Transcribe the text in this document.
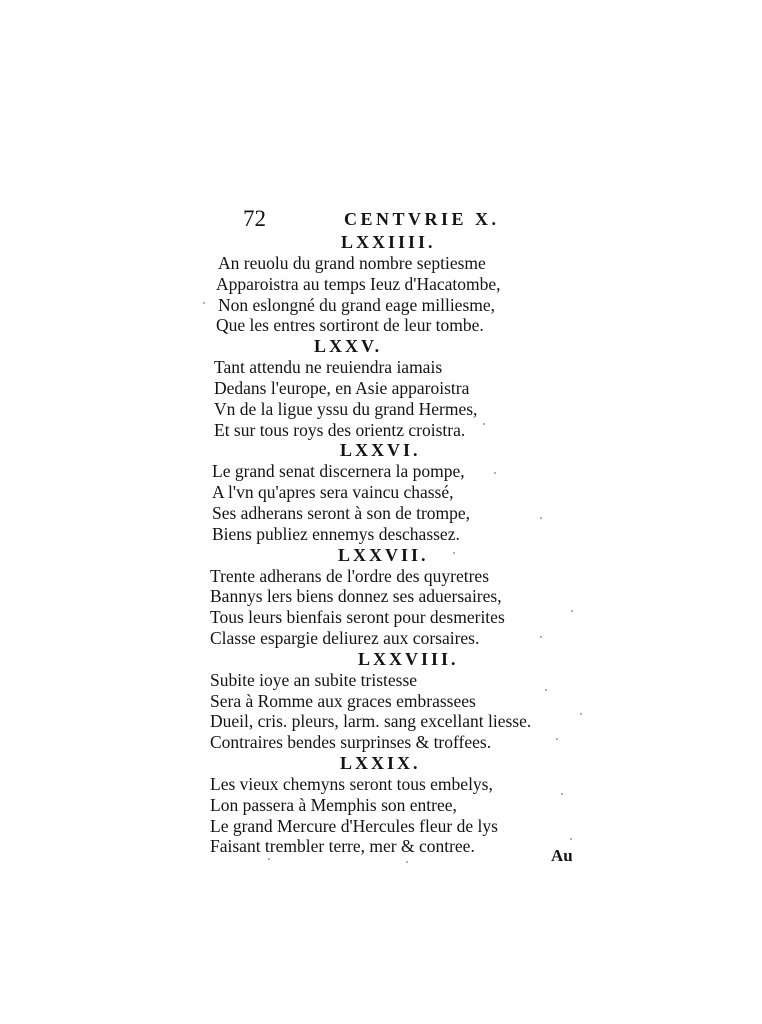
72	CENTVRIE X.
LXXIIII.
An reuolu du grand nombre septiesme
Apparoistra au temps Ieuz d'Hacatombe,
Non eslongné du grand eage milliesme,
Que les entres sortiront de leur tombe.
LXXV.
Tant attendu ne reuiendra iamais
Dedans l'europe, en Asie apparoistra
Vn de la ligue yssu du grand Hermes,
Et sur tous roys des orientz croistra.
LXXVI.
Le grand senat discernera la pompe,
A l'vn qu'apres sera vaincu chassé,
Ses adherans seront à son de trompe,
Biens publiez ennemys deschassez.
LXXVII.
Trente adherans de l'ordre des quyretres
Bannys lers biens donnez ses aduersaires,
Tous leurs bienfais seront pour desmerites
Classe espargie deliurez aux corsaires.
LXXVIII.
Subite ioye an subite tristesse
Sera à Romme aux graces embrassees
Dueil, cris. pleurs, larm. sang excellant liesse.
Contraires bendes surprinses & troffees.
LXXIX.
Les vieux chemyns seront tous embelys,
Lon passera à Memphis son entree,
Le grand Mercure d'Hercules fleur de lys
Faisant trembler terre, mer & contree.	Au
